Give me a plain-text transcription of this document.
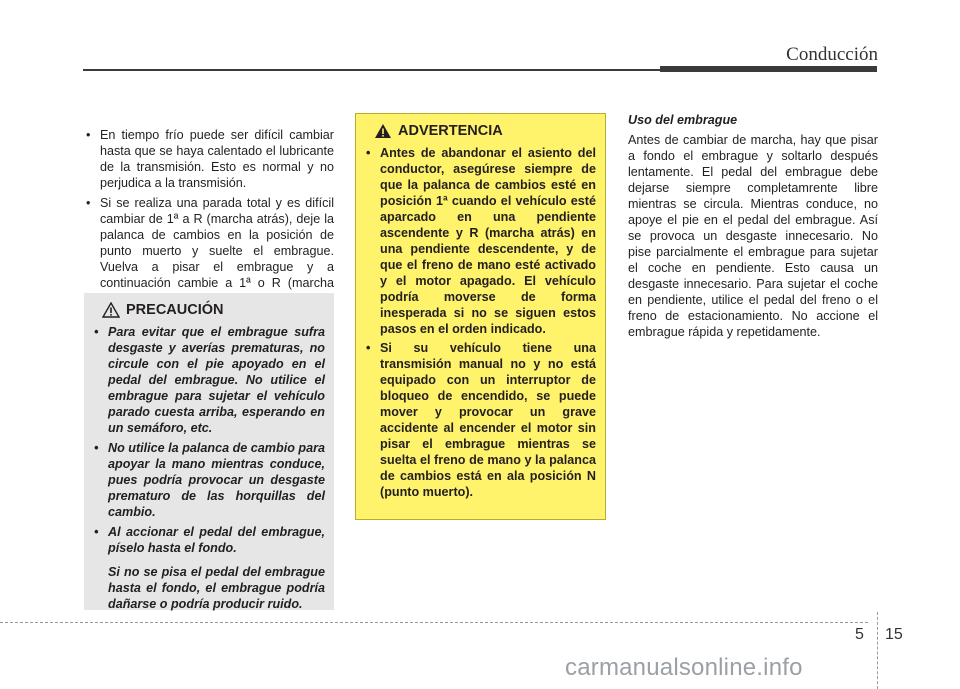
Conducción
• En tiempo frío puede ser difícil cambiar hasta que se haya calentado el lubricante de la transmisión. Esto es normal y no perjudica a la transmisión.
• Si se realiza una parada total y es difícil cambiar de 1ª a R (marcha atrás), deje la palanca de cambios en la posición de punto muerto y suelte el embrague. Vuelva a pisar el embrague y a continuación cambie a 1ª o R (marcha
PRECAUCIÓN
• Para evitar que el embrague sufra desgaste y averías prematuras, no circule con el pie apoyado en el pedal del embrague. No utilice el embrague para sujetar el vehículo parado cuesta arriba, esperando en un semáforo, etc.
• No utilice la palanca de cambio para apoyar la mano mientras conduce, pues podría provocar un desgaste prematuro de las horquillas del cambio.
• Al accionar el pedal del embrague, píselo hasta el fondo.
Si no se pisa el pedal del embrague hasta el fondo, el embrague podría dañarse o podría producir ruido.
ADVERTENCIA
• Antes de abandonar el asiento del conductor, asegúrese siempre de que la palanca de cambios esté en posición 1ª cuando el vehículo esté aparcado en una pendiente ascendente y R (marcha atrás) en una pendiente descendente, y de que el freno de mano esté activado y el motor apagado. El vehículo podría moverse de forma inesperada si no se siguen estos pasos en el orden indicado.
• Si su vehículo tiene una transmisión manual no y no está equipado con un interruptor de bloqueo de encendido, se puede mover y provocar un grave accidente al encender el motor sin pisar el embrague mientras se suelta el freno de mano y la palanca de cambios está en ala posición N (punto muerto).
Uso del embrague
Antes de cambiar de marcha, hay que pisar a fondo el embrague y soltarlo después lentamente. El pedal del embrague debe dejarse siempre completamrente libre mientras se circula. Mientras conduce, no apoye el pie en el pedal del embrague. Así se provoca un desgaste innecesario. No pise parcialmente el embrague para sujetar el coche en pendiente. Esto causa un desgaste innecesario. Para sujetar el coche en pendiente, utilice el pedal del freno o el freno de estacionamiento. No accione el embrague rápida y repetidamente.
5 15
carmanualsonline.info
